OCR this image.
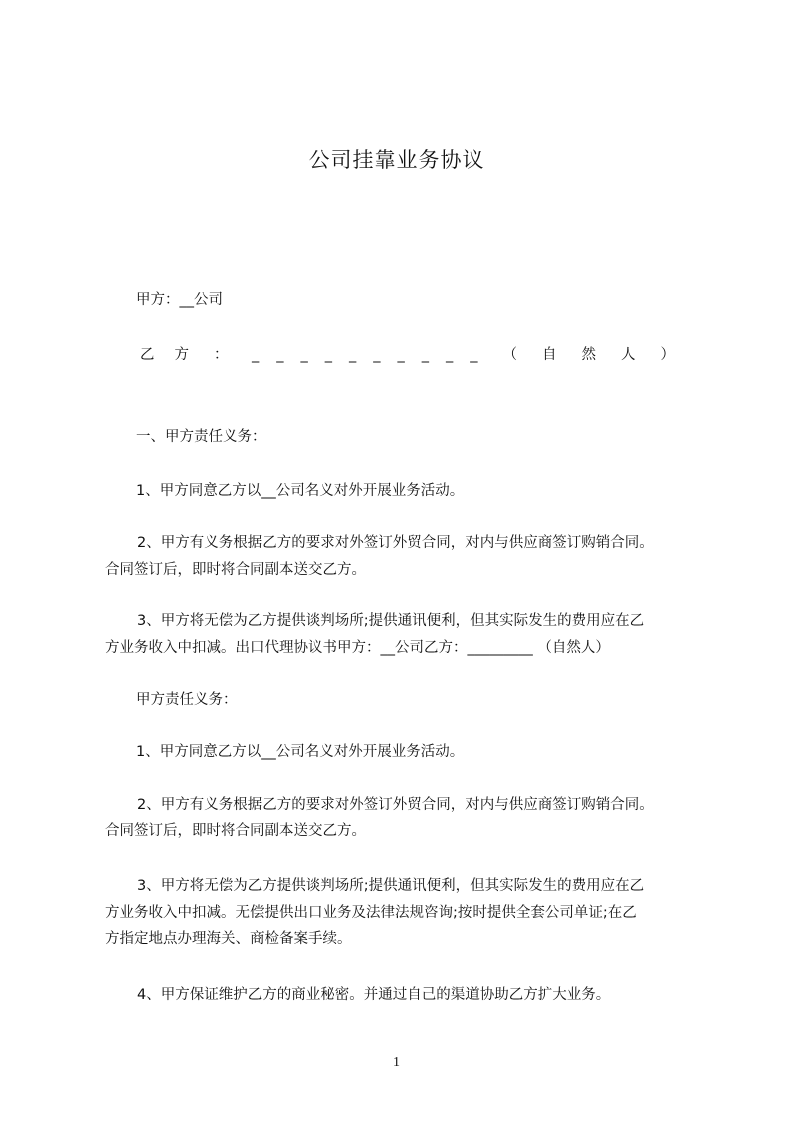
公司挂靠业务协议

甲方：__公司

乙方 ： __________ （自然人）

一、甲方责任义务：

1、甲方同意乙方以__公司名义对外开展业务活动。

2、甲方有义务根据乙方的要求对外签订外贸合同，对内与供应商签订购销合同。

合同签订后，即时将合同副本送交乙方。

3、甲方将无偿为乙方提供谈判场所;提供通讯便利，但其实际发生的费用应在乙

方业务收入中扣减。出口代理协议书甲方：__公司乙方：_________ （自然人）

甲方责任义务：

1、甲方同意乙方以__公司名义对外开展业务活动。

2、甲方有义务根据乙方的要求对外签订外贸合同，对内与供应商签订购销合同。

合同签订后，即时将合同副本送交乙方。

3、甲方将无偿为乙方提供谈判场所;提供通讯便利，但其实际发生的费用应在乙

方业务收入中扣减。无偿提供出口业务及法律法规咨询;按时提供全套公司单证;在乙

方指定地点办理海关、商检备案手续。

4、甲方保证维护乙方的商业秘密。并通过自己的渠道协助乙方扩大业务。

1
